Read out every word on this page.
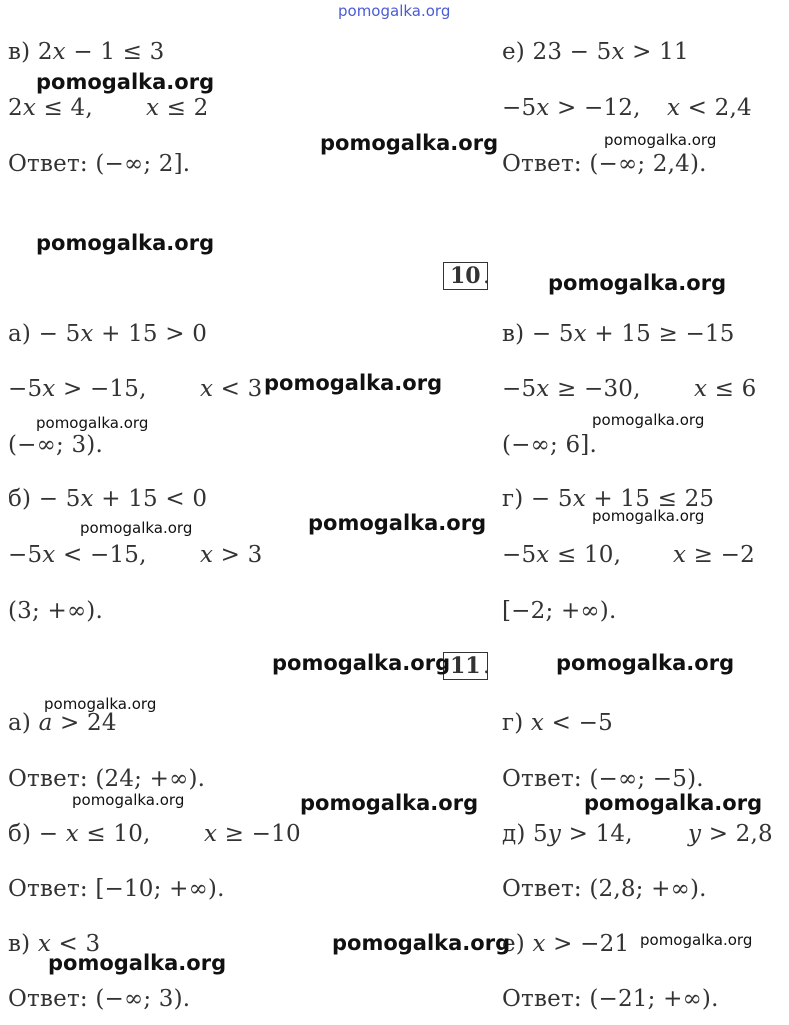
pomogalka.org
в) 2𝑥 − 1 ≤ 3
2𝑥 ≤ 4, 𝑥 ≤ 2
Ответ: (−∞; 2].
е) 23 − 5𝑥 > 11
−5𝑥 > −12, 𝑥 < 2,4
Ответ: (−∞; 2,4).
10 .
а) − 5𝑥 + 15 > 0
−5𝑥 > −15, 𝑥 < 3
(−∞; 3).
в) − 5𝑥 + 15 ≥ −15
−5𝑥 ≥ −30, 𝑥 ≤ 6
(−∞; 6].
б) − 5𝑥 + 15 < 0
−5𝑥 < −15, 𝑥 > 3
(3; +∞).
г) − 5𝑥 + 15 ≤ 25
−5𝑥 ≤ 10, 𝑥 ≥ −2
[−2; +∞).
11 .
а) 𝑎 > 24
Ответ: (24; +∞).
г) 𝑥 < −5
Ответ: (−∞; −5).
б) − 𝑥 ≤ 10, 𝑥 ≥ −10
Ответ: [−10; +∞).
д) 5𝑦 > 14, 𝑦 > 2,8
Ответ: (2,8; +∞).
в) 𝑥 < 3
Ответ: (−∞; 3).
е) 𝑥 > −21
Ответ: (−21; +∞).
pomogalka.org
pomogalka.org	pomogalka.org
pomogalka.org
pomogalka.org
pomogalka.org
pomogalka.org	pomogalka.org
pomogalka.org	pomogalka.org	pomogalka.org
pomogalka.org	pomogalka.org
pomogalka.org
pomogalka.org	pomogalka.org	pomogalka.org
pomogalka.org	pomogalka.org
pomogalka.org
